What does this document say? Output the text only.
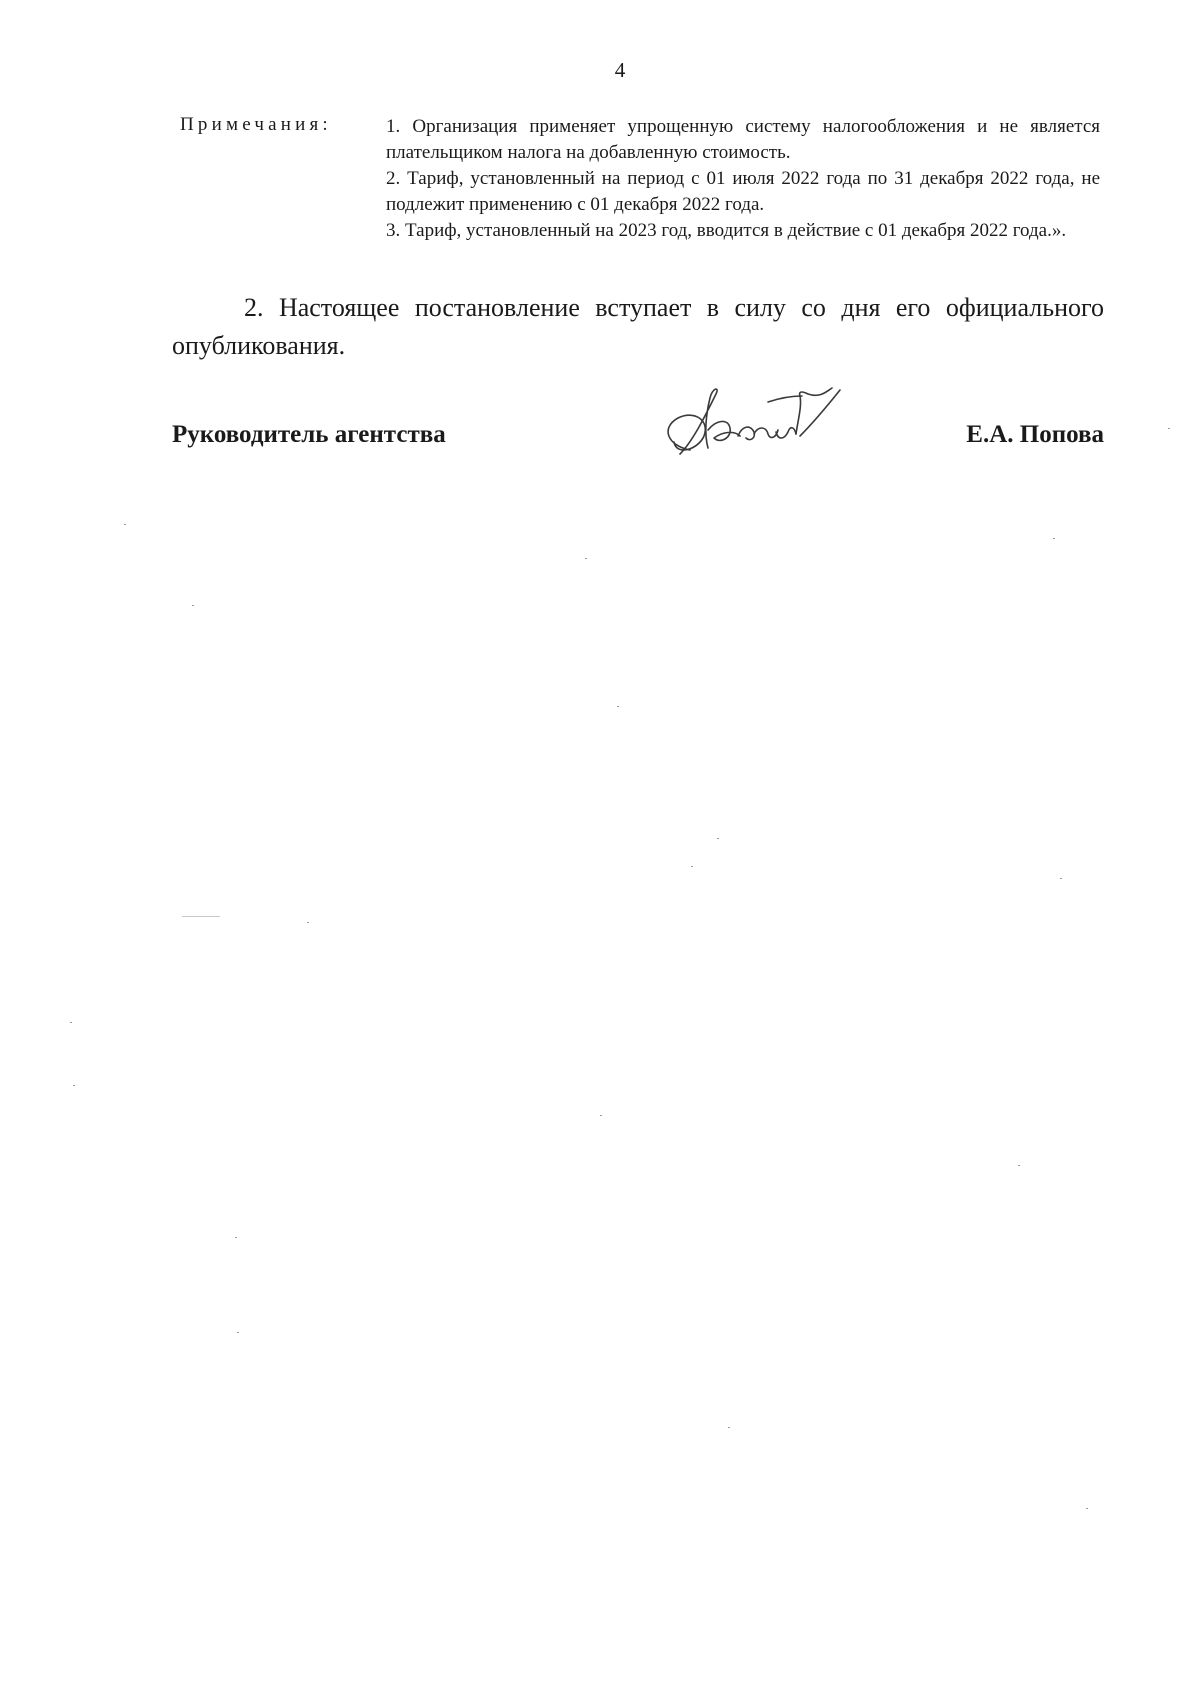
4
Примечания:	1. Организация применяет упрощенную систему налогообложения и не является плательщиком налога на добавленную стоимость.
2. Тариф, установленный на период с 01 июля 2022 года по 31 декабря 2022 года, не подлежит применению с 01 декабря 2022 года.
3. Тариф, установленный на 2023 год, вводится в действие с 01 декабря 2022 года.».
2. Настоящее постановление вступает в силу со дня его официального опубликования.
Руководитель агентства	Е.А. Попова
